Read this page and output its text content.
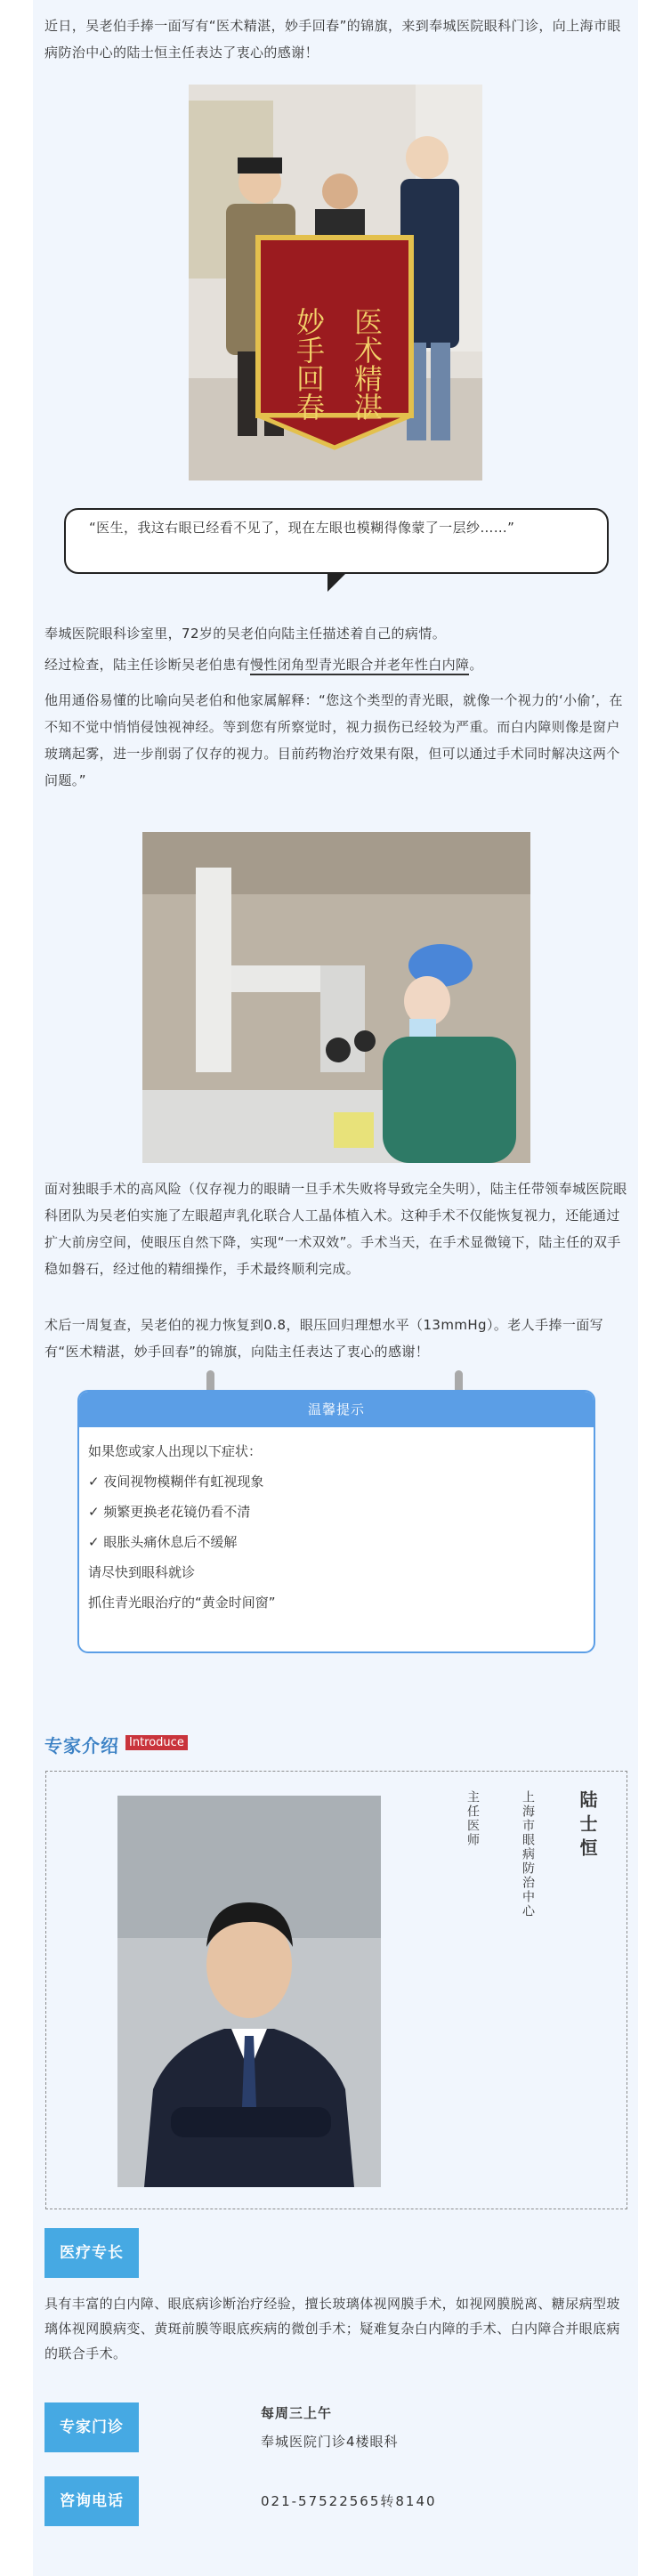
近日，吴老伯手捧一面写有“医术精湛，妙手回春”的锦旗，来到奉城医院眼科门诊，向上海市眼病防治中心的陆士恒主任表达了衷心的感谢！

医术精湛
妙手回春

“医生，我这右眼已经看不见了，现在左眼也模糊得像蒙了一层纱……”

奉城医院眼科诊室里，72岁的吴老伯向陆主任描述着自己的病情。

经过检查，陆主任诊断吴老伯患有慢性闭角型青光眼合并老年性白内障。

他用通俗易懂的比喻向吴老伯和他家属解释：“您这个类型的青光眼，就像一个视力的‘小偷’，在不知不觉中悄悄侵蚀视神经。等到您有所察觉时，视力损伤已经较为严重。而白内障则像是窗户玻璃起雾，进一步削弱了仅存的视力。目前药物治疗效果有限，但可以通过手术同时解决这两个问题。”

面对独眼手术的高风险（仅存视力的眼睛一旦手术失败将导致完全失明），陆主任带领奉城医院眼科团队为吴老伯实施了左眼超声乳化联合人工晶体植入术。这种手术不仅能恢复视力，还能通过扩大前房空间，使眼压自然下降，实现“一术双效”。手术当天，在手术显微镜下，陆主任的双手稳如磐石，经过他的精细操作，手术最终顺利完成。

术后一周复查，吴老伯的视力恢复到0.8，眼压回归理想水平（13mmHg）。老人手捧一面写有“医术精湛，妙手回春”的锦旗，向陆主任表达了衷心的感谢！

温馨提示
如果您或家人出现以下症状：
✓ 夜间视物模糊伴有虹视现象
✓ 频繁更换老花镜仍看不清
✓ 眼胀头痛休息后不缓解
请尽快到眼科就诊
抓住青光眼治疗的“黄金时间窗”
专家介绍 Introduce
陆士恒
上海市眼病防治中心
主任医师
医疗专长

具有丰富的白内障、眼底病诊断治疗经验，擅长玻璃体视网膜手术，如视网膜脱离、糖尿病型玻璃体视网膜病变、黄斑前膜等眼底疾病的微创手术；疑难复杂白内障的手术、白内障合并眼底病的联合手术。

专家门诊
每周三上午
奉城医院门诊4楼眼科
咨询电话	021-57522565转8140
